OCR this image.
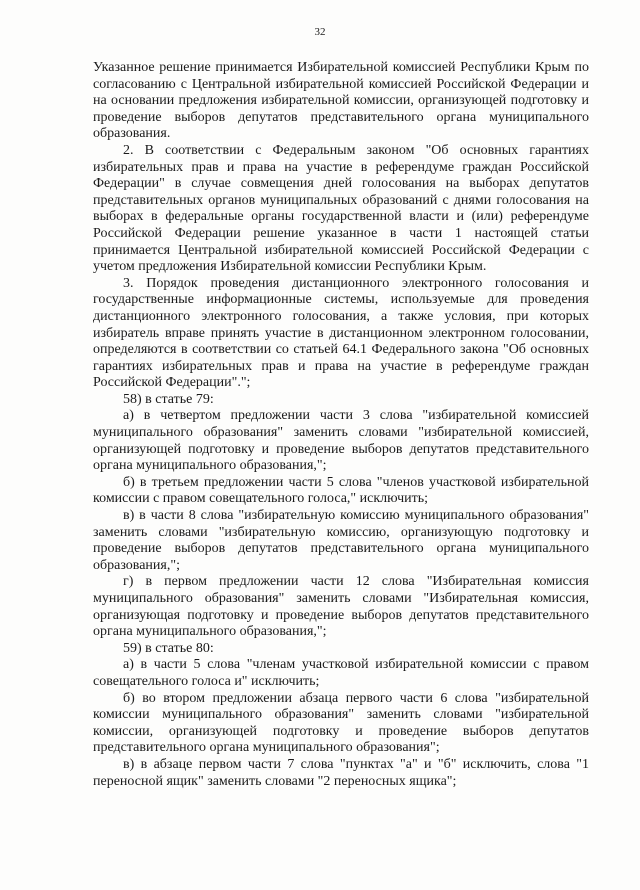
32

Указанное решение принимается Избирательной комиссией Республики Крым по согласованию с Центральной избирательной комиссией Российской Федерации и на основании предложения избирательной комиссии, организующей подготовку и проведение выборов депутатов представительного органа муниципального образования.

2. В соответствии с Федеральным законом "Об основных гарантиях избирательных прав и права на участие в референдуме граждан Российской Федерации" в случае совмещения дней голосования на выборах депутатов представительных органов муниципальных образований с днями голосования на выборах в федеральные органы государственной власти и (или) референдуме Российской Федерации решение указанное в части 1 настоящей статьи принимается Центральной избирательной комиссией Российской Федерации с учетом предложения Избирательной комиссии Республики Крым.

3. Порядок проведения дистанционного электронного голосования и государственные информационные системы, используемые для проведения дистанционного электронного голосования, а также условия, при которых избиратель вправе принять участие в дистанционном электронном голосовании, определяются в соответствии со статьей 64.1 Федерального закона "Об основных гарантиях избирательных прав и права на участие в референдуме граждан Российской Федерации".";

58) в статье 79:

а) в четвертом предложении части 3 слова "избирательной комиссией муниципального образования" заменить словами "избирательной комиссией, организующей подготовку и проведение выборов депутатов представительного органа муниципального образования,";

б) в третьем предложении части 5 слова "членов участковой избирательной комиссии с правом совещательного голоса," исключить;

в) в части 8 слова "избирательную комиссию муниципального образования" заменить словами "избирательную комиссию, организующую подготовку и проведение выборов депутатов представительного органа муниципального образования,";

г) в первом предложении части 12 слова "Избирательная комиссия муниципального образования" заменить словами "Избирательная комиссия, организующая подготовку и проведение выборов депутатов представительного органа муниципального образования,";

59) в статье 80:

а) в части 5 слова "членам участковой избирательной комиссии с правом совещательного голоса и" исключить;

б) во втором предложении абзаца первого части 6 слова "избирательной комиссии муниципального образования" заменить словами "избирательной комиссии, организующей подготовку и проведение выборов депутатов представительного органа муниципального образования";

в) в абзаце первом части 7 слова "пунктах "а" и "б" исключить, слова "1 переносной ящик" заменить словами "2 переносных ящика";
